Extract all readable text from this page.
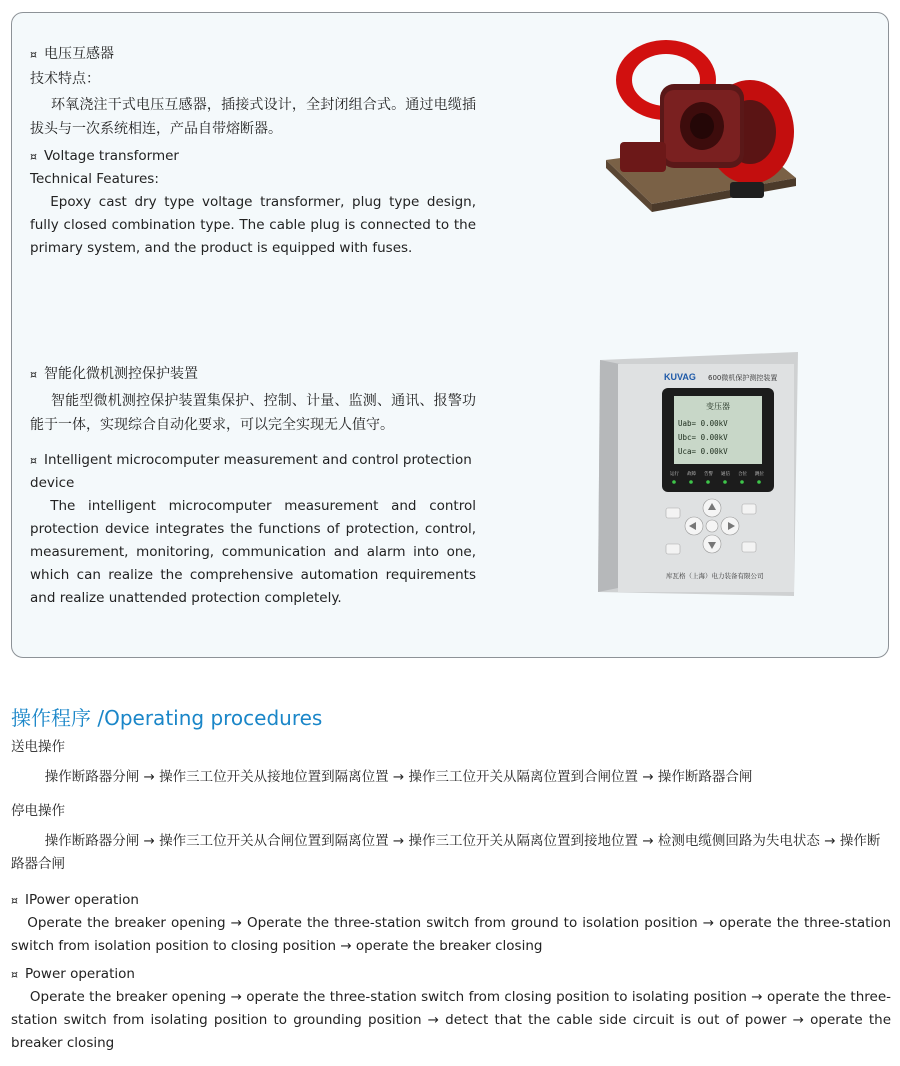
¤ 电压互感器

技术特点：

环氧浇注干式电压互感器，插接式设计，全封闭组合式。通过电缆插拔头与一次系统相连，产品自带熔断器。

¤ Voltage transformer

Technical Features:

Epoxy cast dry type voltage transformer, plug type design, fully closed combination type. The cable plug is connected to the primary system, and the product is equipped with fuses.

¤ 智能化微机测控保护装置

智能型微机测控保护装置集保护、控制、计量、监测、通讯、报警功能于一体，实现综合自动化要求，可以完全实现无人值守。

¤ Intelligent microcomputer measurement and control protection device

The intelligent microcomputer measurement and control protection device integrates the functions of protection, control, measurement, monitoring, communication and alarm into one, which can realize the comprehensive automation requirements and realize unattended protection completely.

KUVAG 600微机保护测控装置
变压器
Uab= 0.00kV
Ubc= 0.00kV
Uca= 0.00kV
运行 故障 告警 通信 合位 跳位
库瓦格（上海）电力装备有限公司
操作程序 /Operating procedures

送电操作

操作断路器分闸 → 操作三工位开关从接地位置到隔离位置 → 操作三工位开关从隔离位置到合闸位置 → 操作断路器合闸

停电操作

操作断路器分闸 → 操作三工位开关从合闸位置到隔离位置 → 操作三工位开关从隔离位置到接地位置 → 检测电缆侧回路为失电状态 → 操作断路器合闸

¤ IPower operation

Operate the breaker opening → Operate the three-station switch from ground to isolation position → operate the three-station switch from isolation position to closing position → operate the breaker closing

¤ Power operation

Operate the breaker opening → operate the three-station switch from closing position to isolating position → operate the three-station switch from isolating position to grounding position → detect that the cable side circuit is out of power → operate the breaker closing
